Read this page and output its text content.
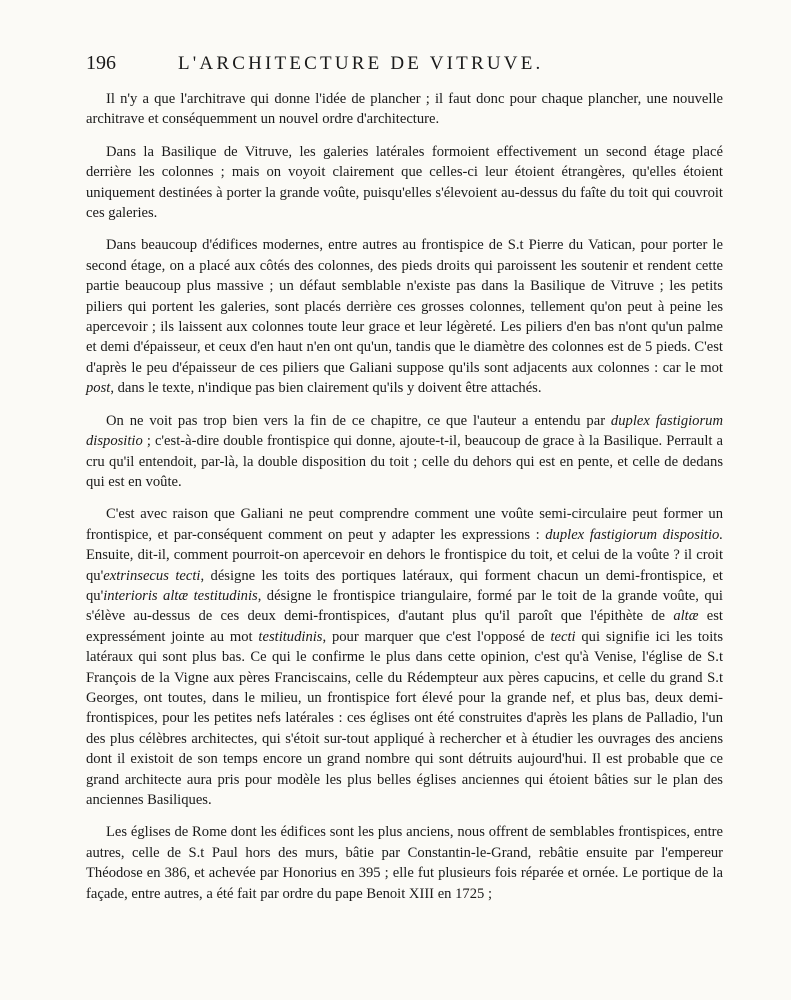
196	L'ARCHITECTURE DE VITRUVE.

Il n'y a que l'architrave qui donne l'idée de plancher ; il faut donc pour chaque plancher, une nouvelle architrave et conséquemment un nouvel ordre d'architecture.

Dans la Basilique de Vitruve, les galeries latérales formoient effectivement un second étage placé derrière les colonnes ; mais on voyoit clairement que celles-ci leur étoient étrangères, qu'elles étoient uniquement destinées à porter la grande voûte, puisqu'elles s'élevoient au-dessus du faîte du toit qui couvroit ces galeries.

Dans beaucoup d'édifices modernes, entre autres au frontispice de S.t Pierre du Vatican, pour porter le second étage, on a placé aux côtés des colonnes, des pieds droits qui paroissent les soutenir et rendent cette partie beaucoup plus massive ; un défaut semblable n'existe pas dans la Basilique de Vitruve ; les petits piliers qui portent les galeries, sont placés derrière ces grosses colonnes, tellement qu'on peut à peine les apercevoir ; ils laissent aux colonnes toute leur grace et leur légèreté. Les piliers d'en bas n'ont qu'un palme et demi d'épaisseur, et ceux d'en haut n'en ont qu'un, tandis que le diamètre des colonnes est de 5 pieds. C'est d'après le peu d'épaisseur de ces piliers que Galiani suppose qu'ils sont adjacents aux colonnes : car le mot post, dans le texte, n'indique pas bien clairement qu'ils y doivent être attachés.

On ne voit pas trop bien vers la fin de ce chapitre, ce que l'auteur a entendu par duplex fastigiorum dispositio ; c'est-à-dire double frontispice qui donne, ajoute-t-il, beaucoup de grace à la Basilique. Perrault a cru qu'il entendoit, par-là, la double disposition du toit ; celle du dehors qui est en pente, et celle de dedans qui est en voûte.

C'est avec raison que Galiani ne peut comprendre comment une voûte semi-circulaire peut former un frontispice, et par-conséquent comment on peut y adapter les expressions : duplex fastigiorum dispositio. Ensuite, dit-il, comment pourroit-on apercevoir en dehors le frontispice du toit, et celui de la voûte ? il croit qu'extrinsecus tecti, désigne les toits des portiques latéraux, qui forment chacun un demi-frontispice, et qu'interioris altæ testitudinis, désigne le frontispice triangulaire, formé par le toit de la grande voûte, qui s'élève au-dessus de ces deux demi-frontispices, d'autant plus qu'il paroît que l'épithète de altæ est expressément jointe au mot testitudinis, pour marquer que c'est l'opposé de tecti qui signifie ici les toits latéraux qui sont plus bas. Ce qui le confirme le plus dans cette opinion, c'est qu'à Venise, l'église de S.t François de la Vigne aux pères Franciscains, celle du Rédempteur aux pères capucins, et celle du grand S.t Georges, ont toutes, dans le milieu, un frontispice fort élevé pour la grande nef, et plus bas, deux demi-frontispices, pour les petites nefs latérales : ces églises ont été construites d'après les plans de Palladio, l'un des plus célèbres architectes, qui s'étoit sur-tout appliqué à rechercher et à étudier les ouvrages des anciens dont il existoit de son temps encore un grand nombre qui sont détruits aujourd'hui. Il est probable que ce grand architecte aura pris pour modèle les plus belles églises anciennes qui étoient bâties sur le plan des anciennes Basiliques.

Les églises de Rome dont les édifices sont les plus anciens, nous offrent de semblables frontispices, entre autres, celle de S.t Paul hors des murs, bâtie par Constantin-le-Grand, rebâtie ensuite par l'empereur Théodose en 386, et achevée par Honorius en 395 ; elle fut plusieurs fois réparée et ornée. Le portique de la façade, entre autres, a été fait par ordre du pape Benoit XIII en 1725 ;
